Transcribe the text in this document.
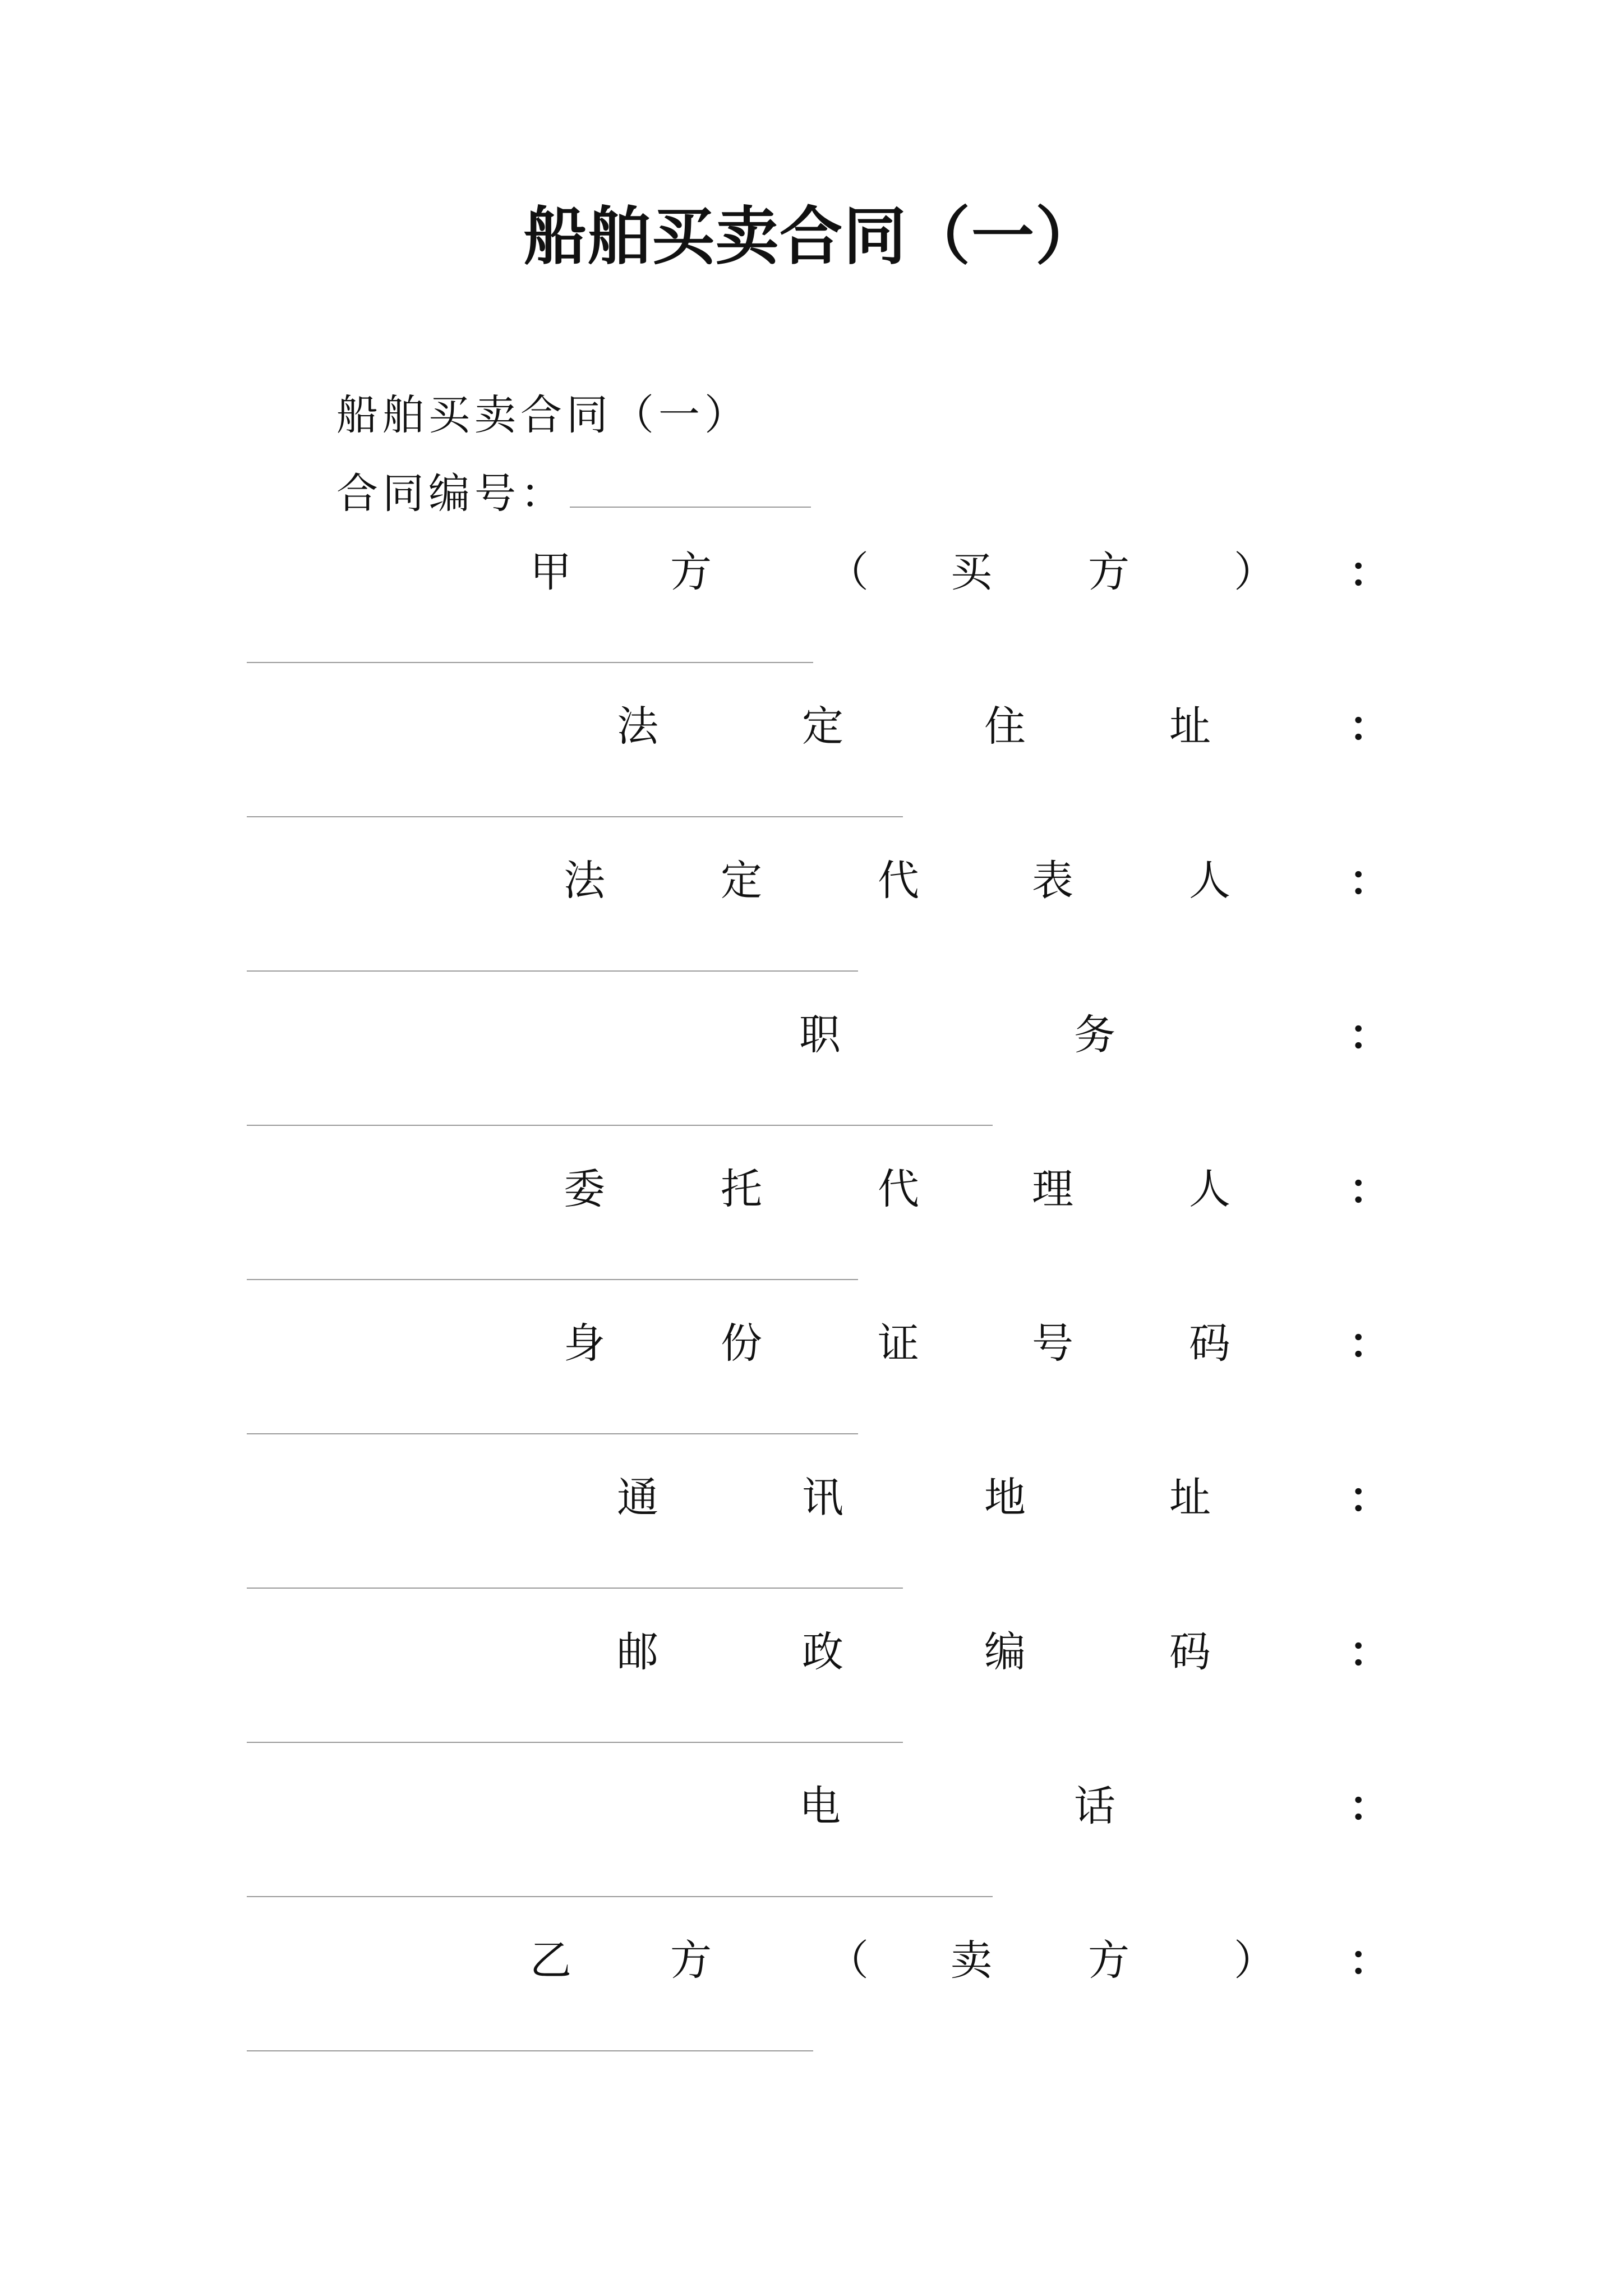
船舶买卖合同（一）
船舶买卖合同（一）
合同编号：
甲 方	（ 买 方	） ：
法	定	住	址	：
法	定	代	表	人	：
职	务	：
委	托	代	理	人	：
身	份	证	号	码	：
通	讯	地	址	：
邮	政	编	码	：
电	话	：
乙 方	（ 卖 方	） ：
